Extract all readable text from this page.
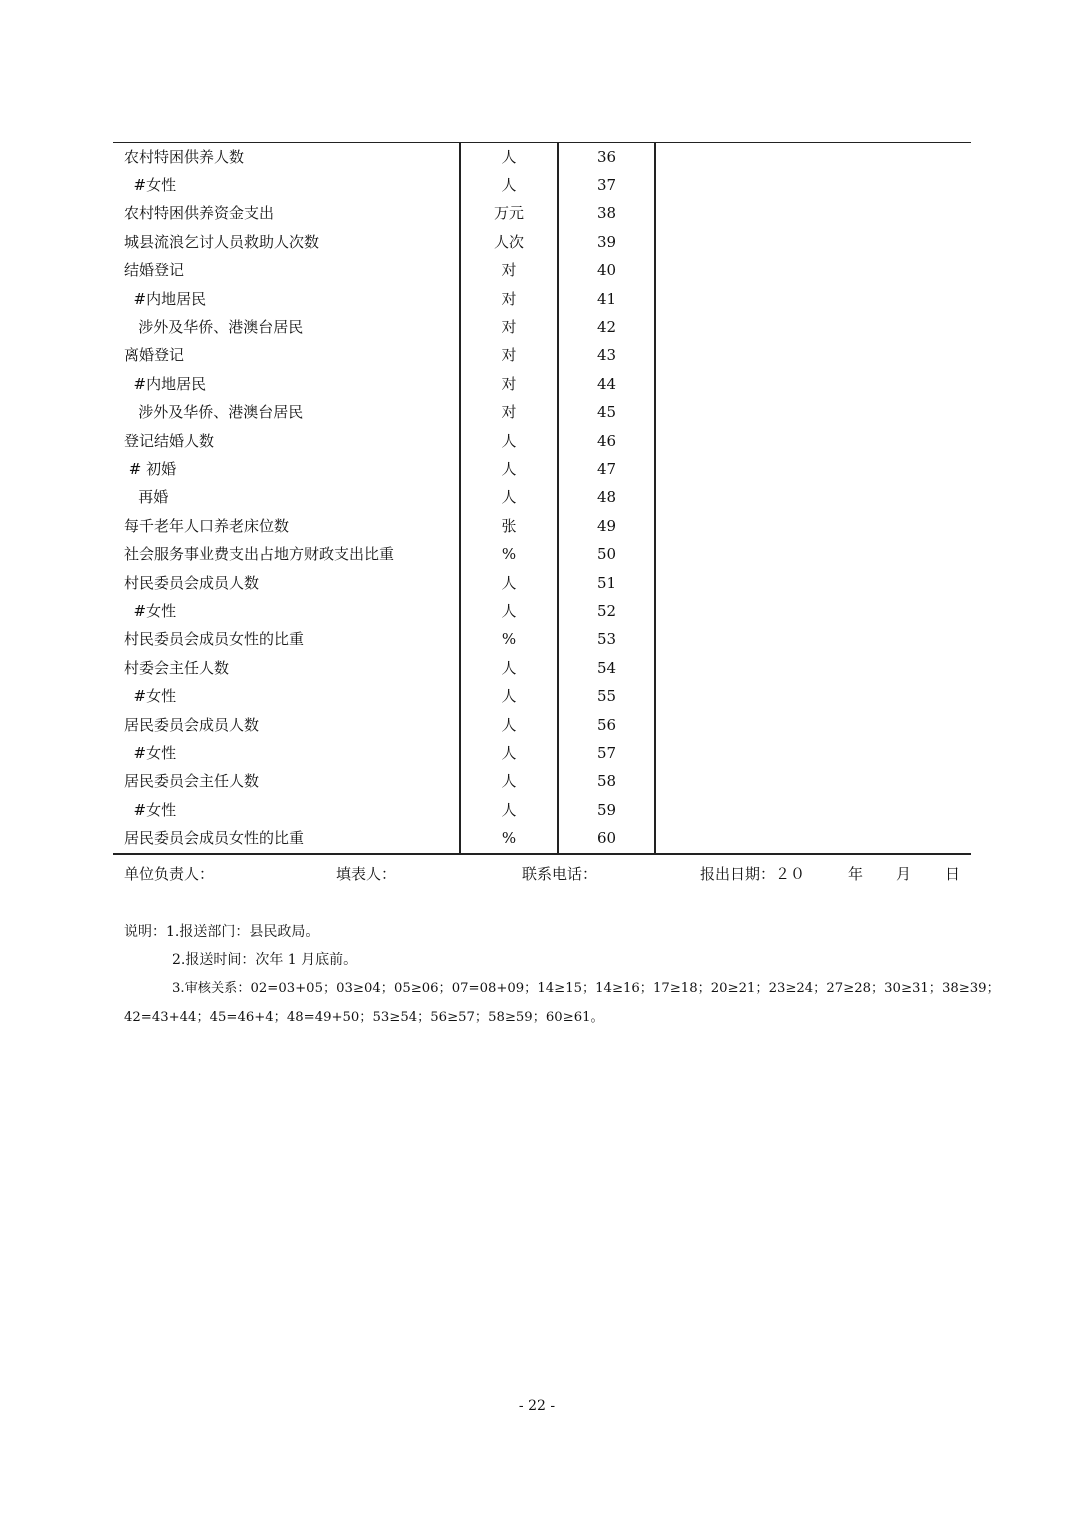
农村特困供养人数	人	36	
#女性	人	37	
农村特困供养资金支出	万元	38	
城县流浪乞讨人员救助人次数	人次	39	
结婚登记	对	40	
#内地居民	对	41	
涉外及华侨、港澳台居民	对	42	
离婚登记	对	43	
#内地居民	对	44	
涉外及华侨、港澳台居民	对	45	
登记结婚人数	人	46	
# 初婚	人	47	
再婚	人	48	
每千老年人口养老床位数	张	49	
社会服务事业费支出占地方财政支出比重	%	50	
村民委员会成员人数	人	51	
#女性	人	52	
村民委员会成员女性的比重	%	53	
村委会主任人数	人	54	
#女性	人	55	
居民委员会成员人数	人	56	
#女性	人	57	
居民委员会主任人数	人	58	
#女性	人	59	
居民委员会成员女性的比重	%	60	
单位负责人：	填表人：	联系电话：	报出日期：２０	年 月 日
说明：1.报送部门：县民政局。
2.报送时间：次年 1 月底前。
3.审核关系：02=03+05；03≥04；05≥06；07=08+09；14≥15；14≥16；17≥18；20≥21；23≥24；27≥28；30≥31；38≥39；
42=43+44；45=46+4；48=49+50；53≥54；56≥57；58≥59；60≥61。
- 22 -
